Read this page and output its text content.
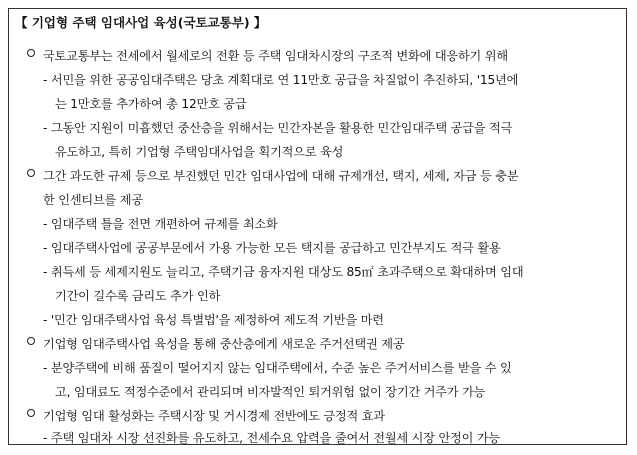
【 기업형 주택 임대사업 육성(국토교통부) 】
국토교통부는 전세에서 월세로의 전환 등 주택 임대차시장의 구조적 변화에 대응하기 위해
- 서민을 위한 공공임대주택은 당초 계획대로 연 11만호 공급을 차질없이 추진하되, '15년에
는 1만호를 추가하여 총 12만호 공급
- 그동안 지원이 미흡했던 중산층을 위해서는 민간자본을 활용한 민간임대주택 공급을 적극
유도하고, 특히 기업형 주택임대사업을 획기적으로 육성
그간 과도한 규제 등으로 부진했던 민간 임대사업에 대해 규제개선, 택지, 세제, 자금 등 충분
한 인센티브를 제공
- 임대주택 틀을 전면 개편하여 규제를 최소화
- 임대주택사업에 공공부문에서 가용 가능한 모든 택지를 공급하고 민간부지도 적극 활용
- 취득세 등 세제지원도 늘리고, 주택기금 융자지원 대상도 85㎡ 초과주택으로 확대하며 임대
기간이 길수록 금리도 추가 인하
- '민간 임대주택사업 육성 특별법'을 제정하여 제도적 기반을 마련
기업형 임대주택사업 육성을 통해 중산층에게 새로운 주거선택권 제공
- 분양주택에 비해 품질이 떨어지지 않는 임대주택에서, 수준 높은 주거서비스를 받을 수 있
고, 임대료도 적정수준에서 관리되며 비자발적인 퇴거위험 없이 장기간 거주가 가능
기업형 임대 활성화는 주택시장 및 거시경제 전반에도 긍정적 효과
- 주택 임대차 시장 선진화를 유도하고, 전세수요 압력을 줄여서 전월세 시장 안정이 가능
